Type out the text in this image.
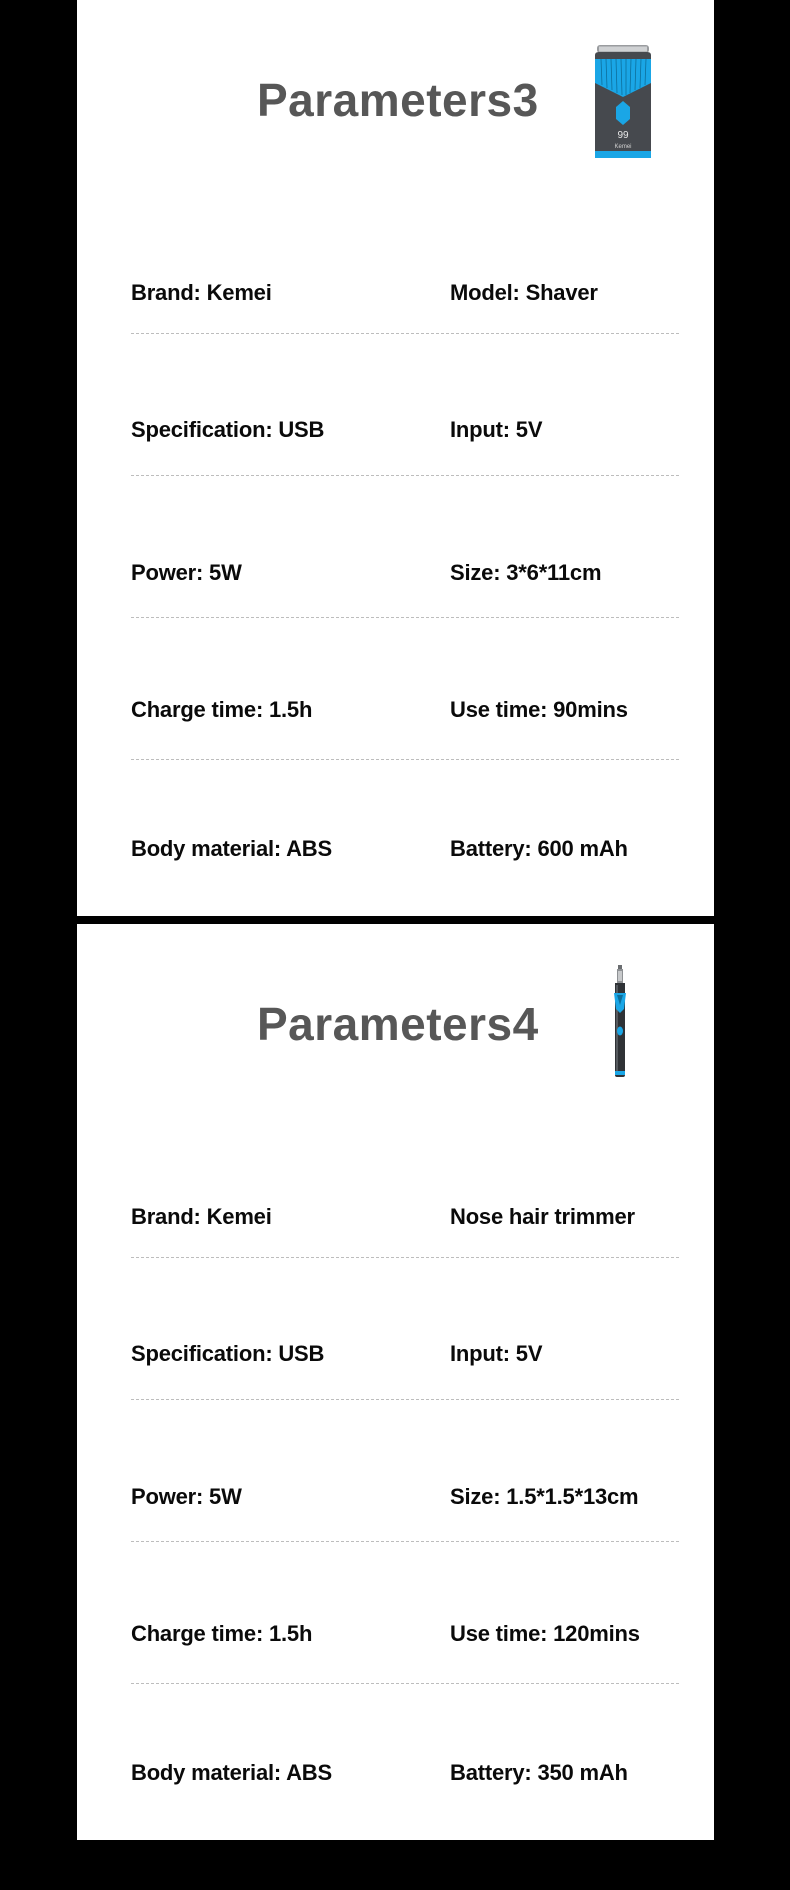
Parameters3
99
Kemei
Brand: Kemei	Model: Shaver
Specification: USB	Input: 5V
Power: 5W	Size: 3*6*11cm
Charge time: 1.5h	Use time: 90mins
Body material: ABS	Battery: 600 mAh
Parameters4
Brand: Kemei	Nose hair trimmer
Specification: USB	Input: 5V
Power: 5W	Size: 1.5*1.5*13cm
Charge time: 1.5h	Use time: 120mins
Body material: ABS	Battery: 350 mAh
